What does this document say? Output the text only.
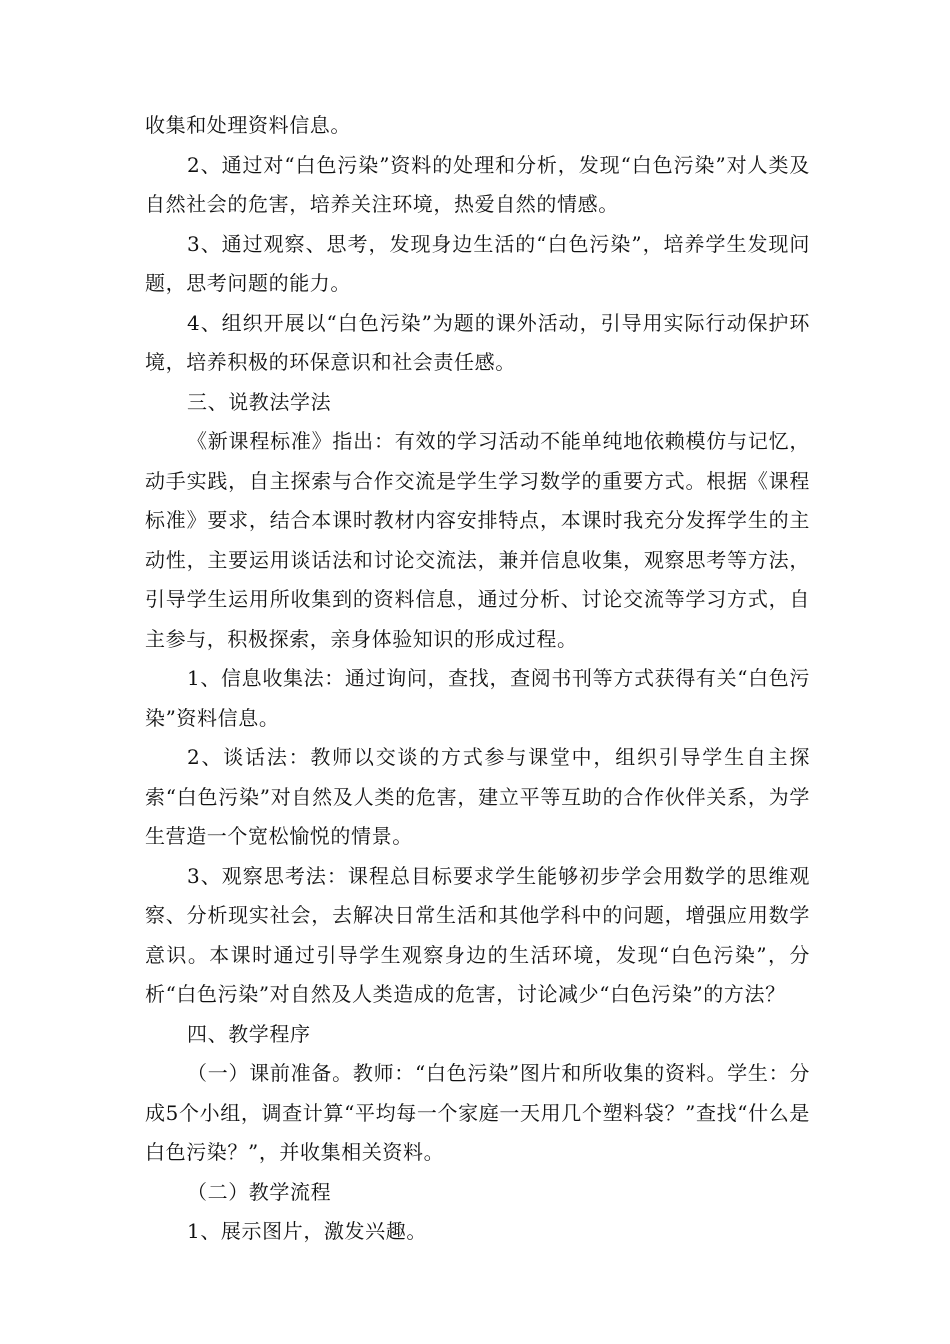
收集和处理资料信息。

2、通过对“白色污染”资料的处理和分析，发现“白色污染”对人类及自然社会的危害，培养关注环境，热爱自然的情感。

3、通过观察、思考，发现身边生活的“白色污染”，培养学生发现问题，思考问题的能力。

4、组织开展以“白色污染”为题的课外活动，引导用实际行动保护环境，培养积极的环保意识和社会责任感。

三、说教法学法

《新课程标准》指出：有效的学习活动不能单纯地依赖模仿与记忆，动手实践，自主探索与合作交流是学生学习数学的重要方式。根据《课程标准》要求，结合本课时教材内容安排特点，本课时我充分发挥学生的主动性，主要运用谈话法和讨论交流法，兼并信息收集，观察思考等方法，引导学生运用所收集到的资料信息，通过分析、讨论交流等学习方式，自主参与，积极探索，亲身体验知识的形成过程。

1、信息收集法：通过询问，查找，查阅书刊等方式获得有关“白色污染”资料信息。

2、谈话法：教师以交谈的方式参与课堂中，组织引导学生自主探索“白色污染”对自然及人类的危害，建立平等互助的合作伙伴关系，为学生营造一个宽松愉悦的情景。

3、观察思考法：课程总目标要求学生能够初步学会用数学的思维观察、分析现实社会，去解决日常生活和其他学科中的问题，增强应用数学意识。本课时通过引导学生观察身边的生活环境，发现“白色污染”，分析“白色污染”对自然及人类造成的危害，讨论减少“白色污染”的方法？

四、教学程序

（一）课前准备。教师：“白色污染”图片和所收集的资料。学生：分成5个小组，调查计算“平均每一个家庭一天用几个塑料袋？”查找“什么是白色污染？”，并收集相关资料。

（二）教学流程

1、展示图片，激发兴趣。
